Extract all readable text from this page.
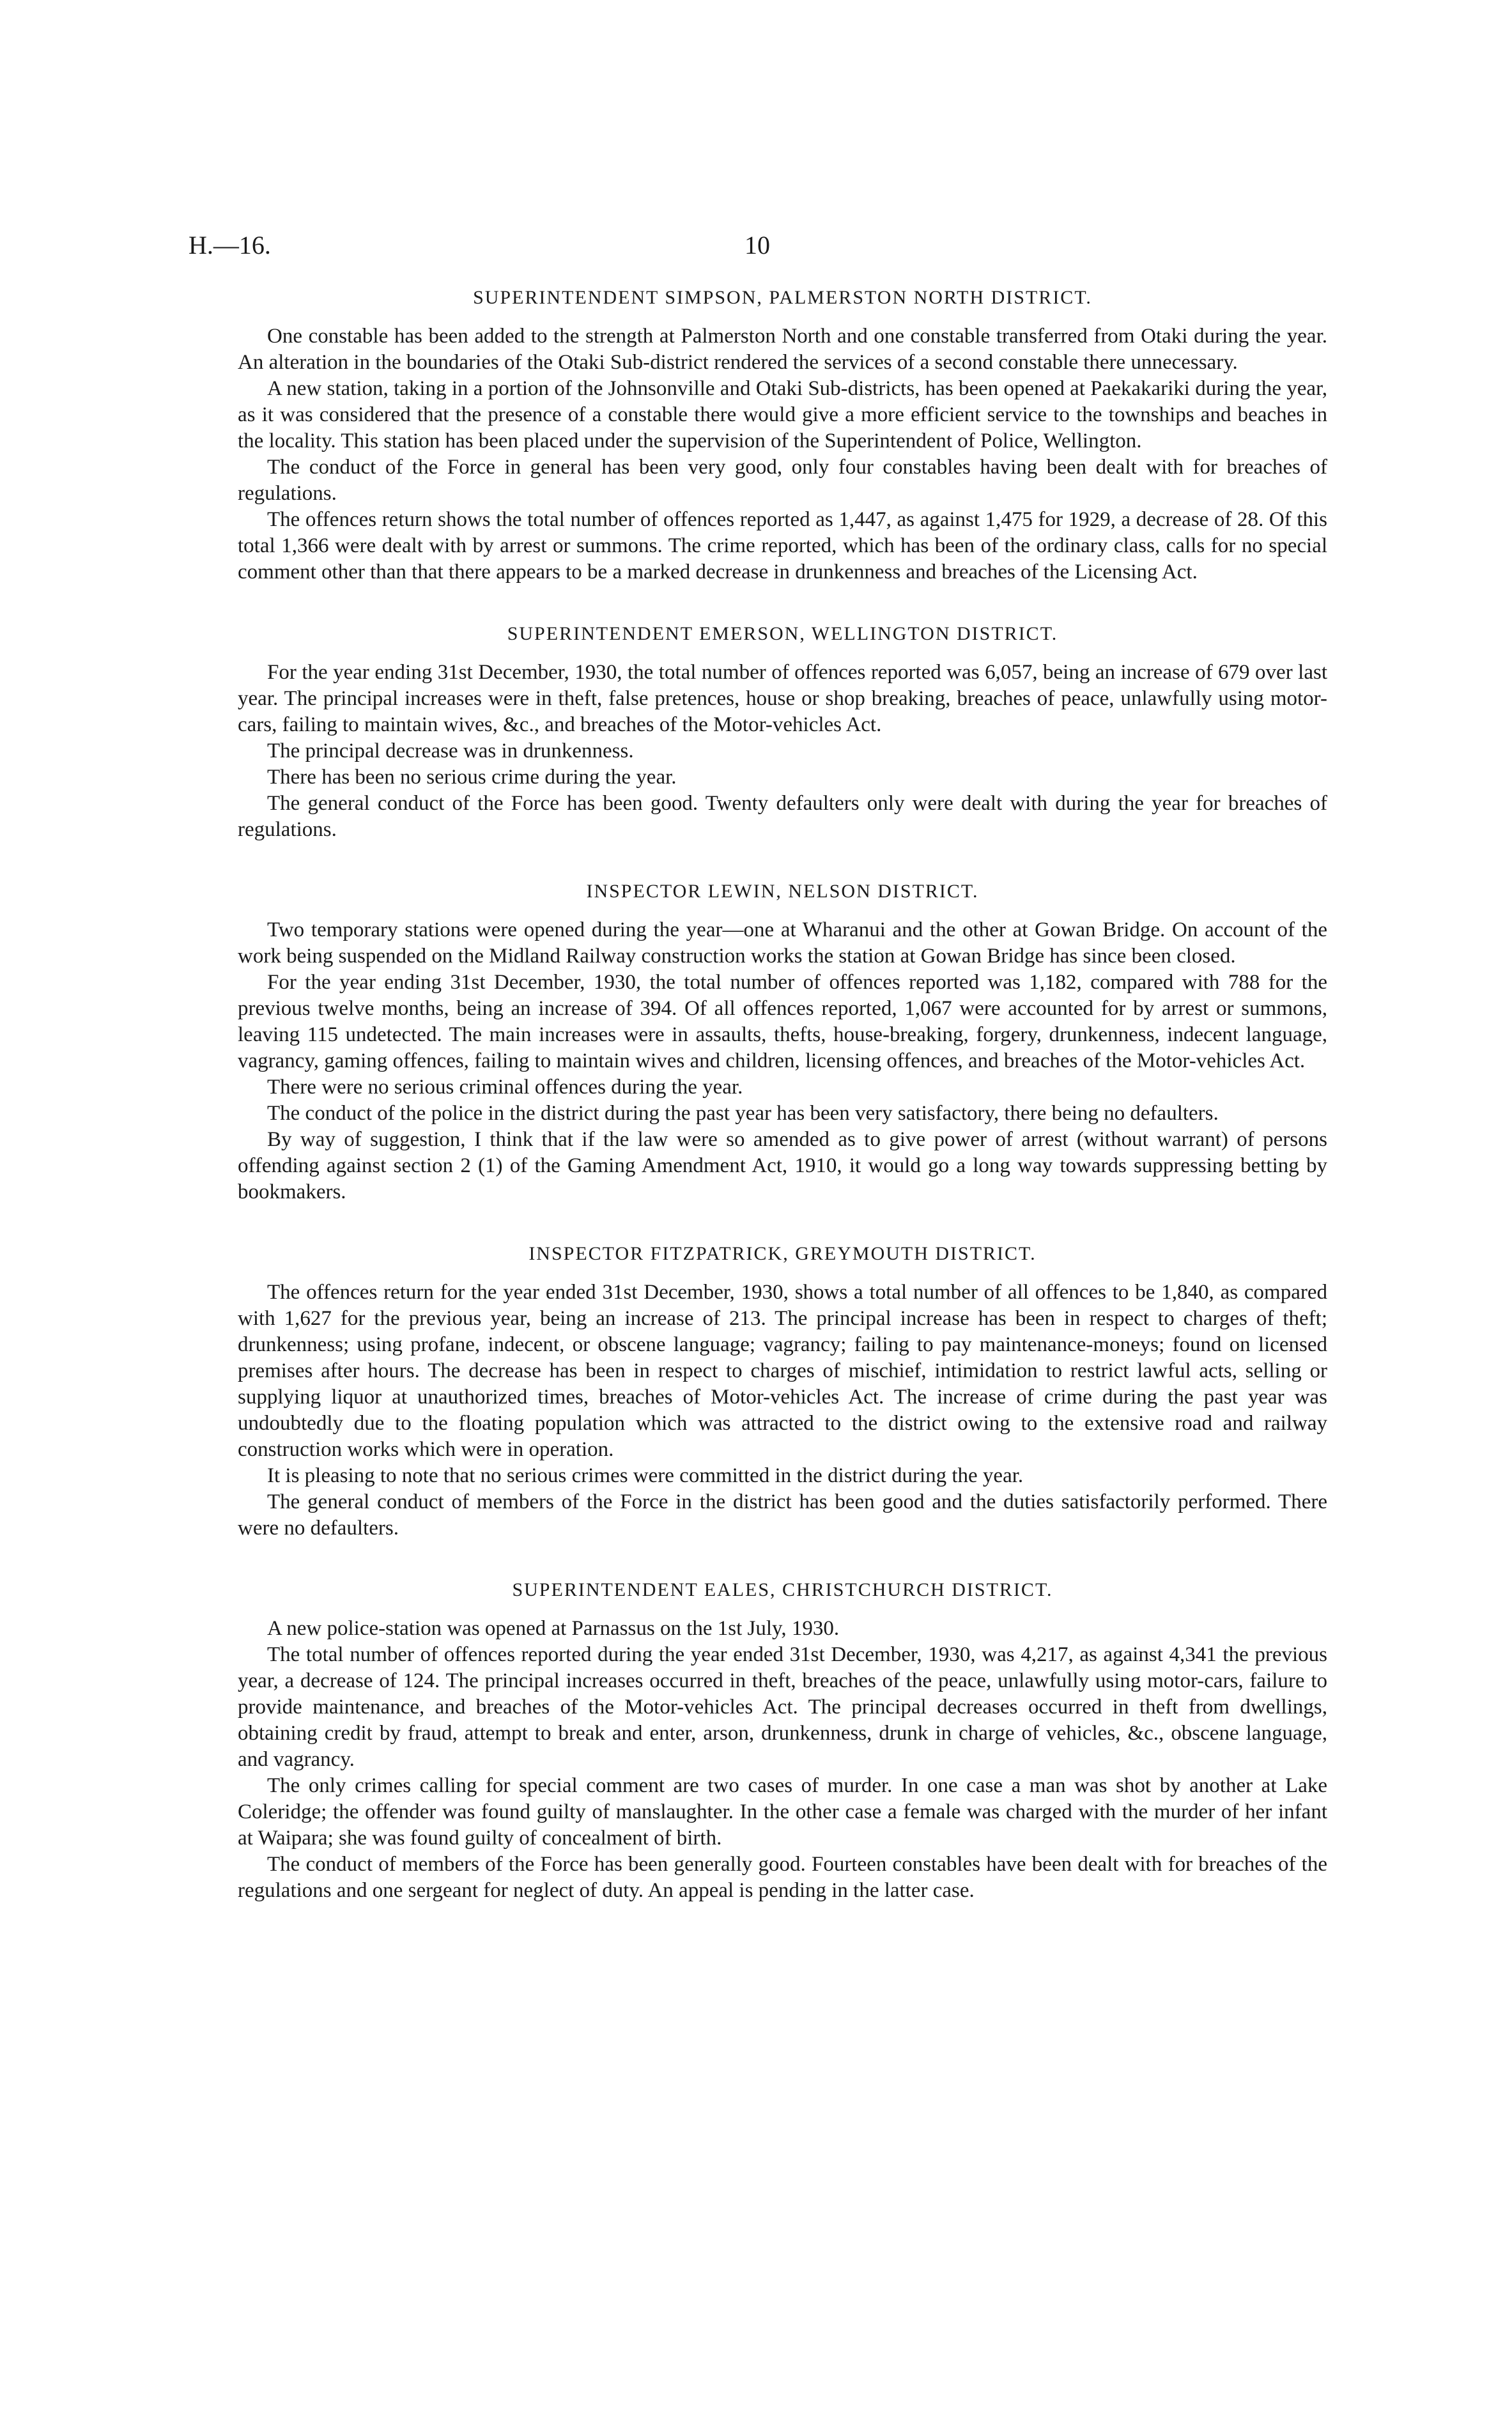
H.—16.	10
SUPERINTENDENT SIMPSON, PALMERSTON NORTH DISTRICT.

One constable has been added to the strength at Palmerston North and one constable transferred from Otaki during the year. An alteration in the boundaries of the Otaki Sub-district rendered the services of a second constable there unnecessary.

A new station, taking in a portion of the Johnsonville and Otaki Sub-districts, has been opened at Paekakariki during the year, as it was considered that the presence of a constable there would give a more efficient service to the townships and beaches in the locality. This station has been placed under the supervision of the Superintendent of Police, Wellington.

The conduct of the Force in general has been very good, only four constables having been dealt with for breaches of regulations.

The offences return shows the total number of offences reported as 1,447, as against 1,475 for 1929, a decrease of 28. Of this total 1,366 were dealt with by arrest or summons. The crime reported, which has been of the ordinary class, calls for no special comment other than that there appears to be a marked decrease in drunkenness and breaches of the Licensing Act.

SUPERINTENDENT EMERSON, WELLINGTON DISTRICT.

For the year ending 31st December, 1930, the total number of offences reported was 6,057, being an increase of 679 over last year. The principal increases were in theft, false pretences, house or shop breaking, breaches of peace, unlawfully using motor-cars, failing to maintain wives, &c., and breaches of the Motor-vehicles Act.

The principal decrease was in drunkenness.

There has been no serious crime during the year.

The general conduct of the Force has been good. Twenty defaulters only were dealt with during the year for breaches of regulations.

INSPECTOR LEWIN, NELSON DISTRICT.

Two temporary stations were opened during the year—one at Wharanui and the other at Gowan Bridge. On account of the work being suspended on the Midland Railway construction works the station at Gowan Bridge has since been closed.

For the year ending 31st December, 1930, the total number of offences reported was 1,182, compared with 788 for the previous twelve months, being an increase of 394. Of all offences reported, 1,067 were accounted for by arrest or summons, leaving 115 undetected. The main increases were in assaults, thefts, house-breaking, forgery, drunkenness, indecent language, vagrancy, gaming offences, failing to maintain wives and children, licensing offences, and breaches of the Motor-vehicles Act.

There were no serious criminal offences during the year.

The conduct of the police in the district during the past year has been very satisfactory, there being no defaulters.

By way of suggestion, I think that if the law were so amended as to give power of arrest (without warrant) of persons offending against section 2 (1) of the Gaming Amendment Act, 1910, it would go a long way towards suppressing betting by bookmakers.

INSPECTOR FITZPATRICK, GREYMOUTH DISTRICT.

The offences return for the year ended 31st December, 1930, shows a total number of all offences to be 1,840, as compared with 1,627 for the previous year, being an increase of 213. The principal increase has been in respect to charges of theft; drunkenness; using profane, indecent, or obscene language; vagrancy; failing to pay maintenance-moneys; found on licensed premises after hours. The decrease has been in respect to charges of mischief, intimidation to restrict lawful acts, selling or supplying liquor at unauthorized times, breaches of Motor-vehicles Act. The increase of crime during the past year was undoubtedly due to the floating population which was attracted to the district owing to the extensive road and railway construction works which were in operation.

It is pleasing to note that no serious crimes were committed in the district during the year.

The general conduct of members of the Force in the district has been good and the duties satisfactorily performed. There were no defaulters.

SUPERINTENDENT EALES, CHRISTCHURCH DISTRICT.

A new police-station was opened at Parnassus on the 1st July, 1930.

The total number of offences reported during the year ended 31st December, 1930, was 4,217, as against 4,341 the previous year, a decrease of 124. The principal increases occurred in theft, breaches of the peace, unlawfully using motor-cars, failure to provide maintenance, and breaches of the Motor-vehicles Act. The principal decreases occurred in theft from dwellings, obtaining credit by fraud, attempt to break and enter, arson, drunkenness, drunk in charge of vehicles, &c., obscene language, and vagrancy.

The only crimes calling for special comment are two cases of murder. In one case a man was shot by another at Lake Coleridge; the offender was found guilty of manslaughter. In the other case a female was charged with the murder of her infant at Waipara; she was found guilty of concealment of birth.

The conduct of members of the Force has been generally good. Fourteen constables have been dealt with for breaches of the regulations and one sergeant for neglect of duty. An appeal is pending in the latter case.
